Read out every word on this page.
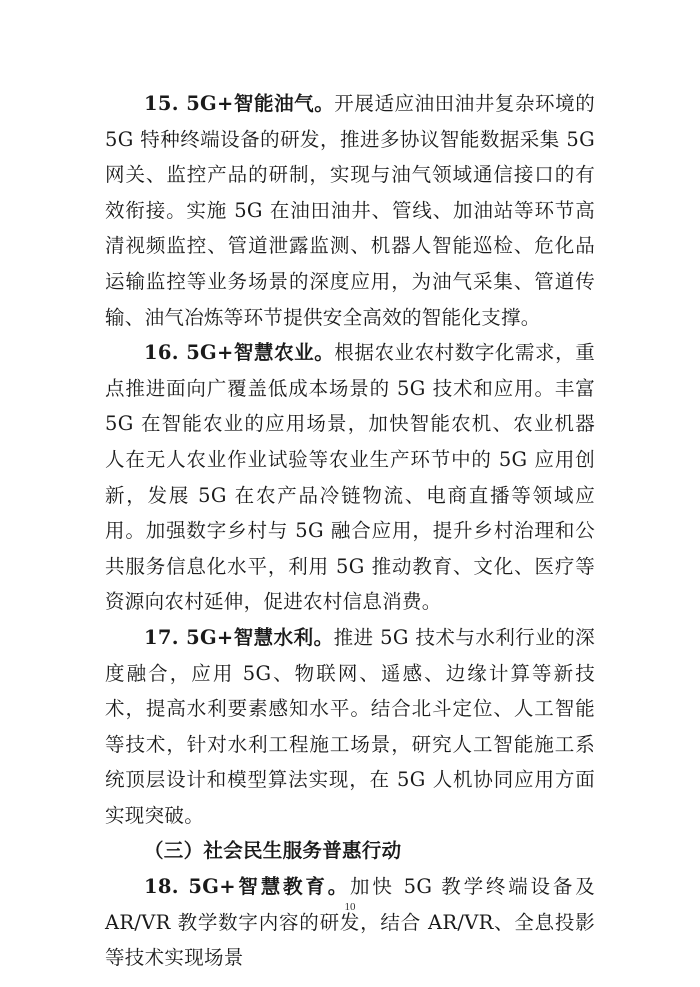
15. 5G+智能油气。开展适应油田油井复杂环境的 5G 特种终端设备的研发，推进多协议智能数据采集 5G 网关、监控产品的研制，实现与油气领域通信接口的有效衔接。实施 5G 在油田油井、管线、加油站等环节高清视频监控、管道泄露监测、机器人智能巡检、危化品运输监控等业务场景的深度应用，为油气采集、管道传输、油气冶炼等环节提供安全高效的智能化支撑。

16. 5G+智慧农业。根据农业农村数字化需求，重点推进面向广覆盖低成本场景的 5G 技术和应用。丰富 5G 在智能农业的应用场景，加快智能农机、农业机器人在无人农业作业试验等农业生产环节中的 5G 应用创新，发展 5G 在农产品冷链物流、电商直播等领域应用。加强数字乡村与 5G 融合应用，提升乡村治理和公共服务信息化水平，利用 5G 推动教育、文化、医疗等资源向农村延伸，促进农村信息消费。

17. 5G+智慧水利。推进 5G 技术与水利行业的深度融合，应用 5G、物联网、遥感、边缘计算等新技术，提高水利要素感知水平。结合北斗定位、人工智能等技术，针对水利工程施工场景，研究人工智能施工系统顶层设计和模型算法实现，在 5G 人机协同应用方面实现突破。

（三）社会民生服务普惠行动

18. 5G+智慧教育。加快 5G 教学终端设备及 AR/VR 教学数字内容的研发，结合 AR/VR、全息投影等技术实现场景

10
